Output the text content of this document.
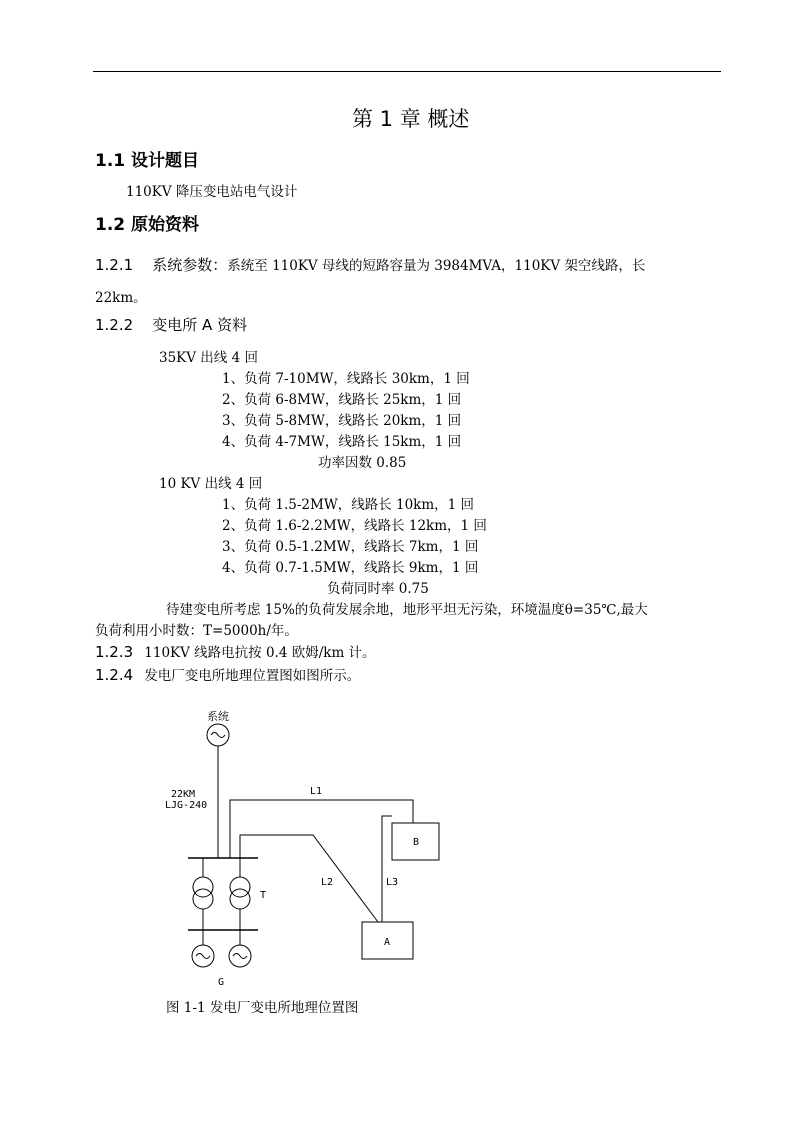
第 1 章 概述
1.1 设计题目
110KV 降压变电站电气设计
1.2 原始资料
1.2.1 系统参数：系统至 110KV 母线的短路容量为 3984MVA，110KV 架空线路，长
22km。
1.2.2 变电所 A 资料
35KV 出线 4 回
1、负荷 7-10MW，线路长 30km，1 回
2、负荷 6-8MW，线路长 25km，1 回
3、负荷 5-8MW，线路长 20km，1 回
4、负荷 4-7MW，线路长 15km，1 回
功率因数 0.85
10 KV 出线 4 回
1、负荷 1.5-2MW，线路长 10km，1 回
2、负荷 1.6-2.2MW，线路长 12km，1 回
3、负荷 0.5-1.2MW，线路长 7km，1 回
4、负荷 0.7-1.5MW，线路长 9km，1 回
负荷同时率 0.75
待建变电所考虑 15%的负荷发展余地，地形平坦无污染，环境温度θ=35℃,最大
负荷利用小时数：T=5000h/年。
1.2.3 110KV 线路电抗按 0.4 欧姆/km 计。
1.2.4 发电厂变电所地理位置图如图所示。
系统
22KM
LJG-240
L1
L2	L3
B
A
T
G
图 1-1 发电厂变电所地理位置图
